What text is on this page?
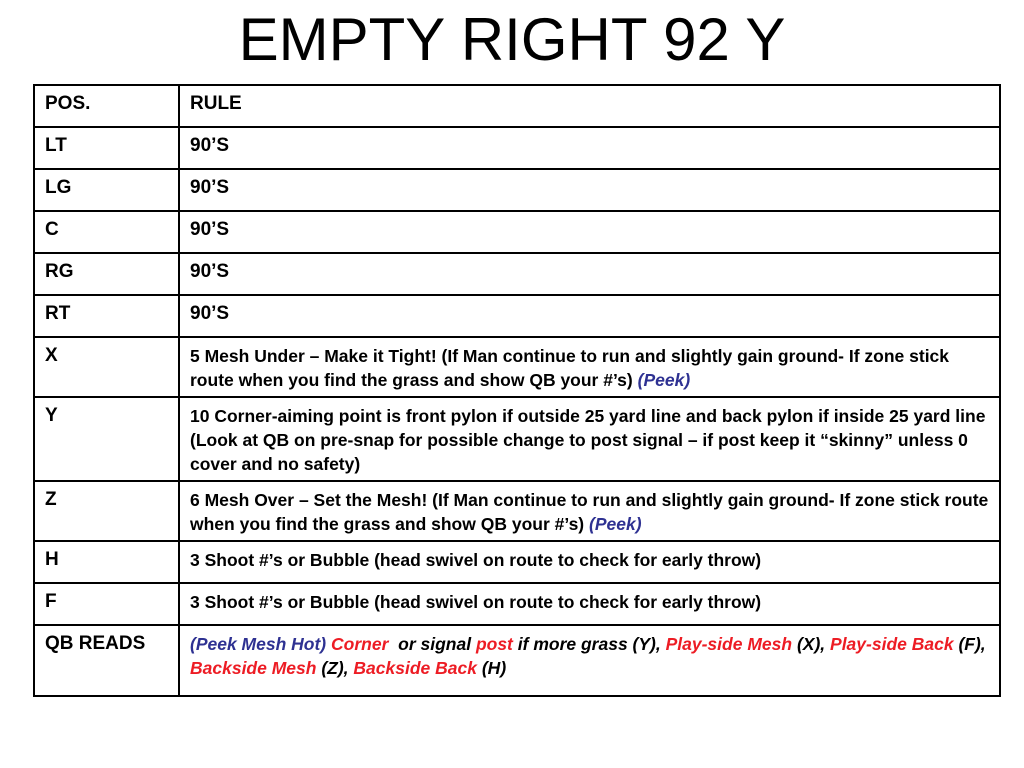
EMPTY RIGHT 92 Y
POS.	RULE
LT	90’S
LG	90’S
C	90’S
RG	90’S
RT	90’S
X	5 Mesh Under – Make it Tight! (If Man continue to run and slightly gain ground- If zone stick route when you find the grass and show QB your #’s) (Peek)
Y	10 Corner-aiming point is front pylon if outside 25 yard line and back pylon if inside 25 yard line (Look at QB on pre-snap for possible change to post signal – if post keep it “skinny” unless 0 cover and no safety)
Z	6 Mesh Over – Set the Mesh! (If Man continue to run and slightly gain ground- If zone stick route when you find the grass and show QB your #’s) (Peek)
H	3 Shoot #’s or Bubble (head swivel on route to check for early throw)
F	3 Shoot #’s or Bubble (head swivel on route to check for early throw)
QB READS	(Peek Mesh Hot) Corner or signal post if more grass (Y), Play-side Mesh (X), Play-side Back (F), Backside Mesh (Z), Backside Back (H)
